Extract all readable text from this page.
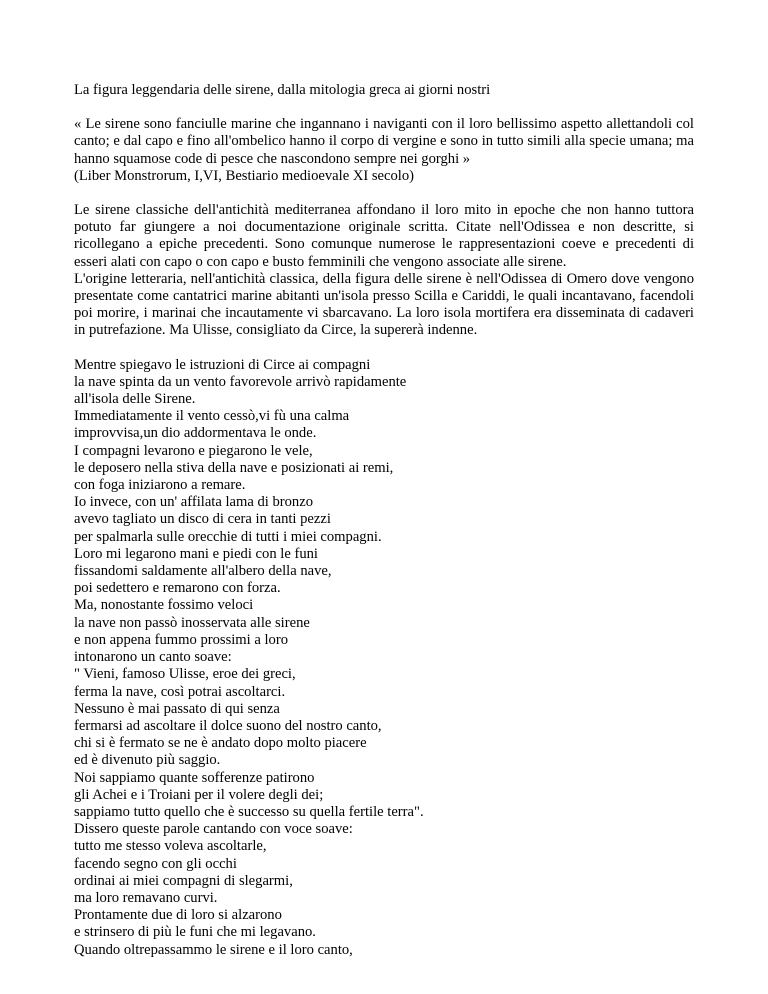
La figura leggendaria delle sirene, dalla mitologia greca ai giorni nostri
« Le sirene sono fanciulle marine che ingannano i naviganti con il loro bellissimo aspetto allettandoli col canto; e dal capo e fino all'ombelico hanno il corpo di vergine e sono in tutto simili alla specie umana; ma hanno squamose code di pesce che nascondono sempre nei gorghi »
(Liber Monstrorum, I,VI, Bestiario medioevale XI secolo)
Le sirene classiche dell'antichità mediterranea affondano il loro mito in epoche che non hanno tuttora potuto far giungere a noi documentazione originale scritta. Citate nell'Odissea e non descritte, si ricollegano a epiche precedenti. Sono comunque numerose le rappresentazioni coeve e precedenti di esseri alati con capo o con capo e busto femminili che vengono associate alle sirene.
L'origine letteraria, nell'antichità classica, della figura delle sirene è nell'Odissea di Omero dove vengono presentate come cantatrici marine abitanti un'isola presso Scilla e Cariddi, le quali incantavano, facendoli poi morire, i marinai che incautamente vi sbarcavano. La loro isola mortifera era disseminata di cadaveri in putrefazione. Ma Ulisse, consigliato da Circe, la supererà indenne.
Mentre spiegavo le istruzioni di Circe ai compagni
la nave spinta da un vento favorevole arrivò rapidamente
all'isola delle Sirene.
Immediatamente il vento cessò,vi fù una calma
improvvisa,un dio addormentava le onde.
I compagni levarono e piegarono le vele,
le deposero nella stiva della nave e posizionati ai remi,
con foga iniziarono a remare.
Io invece, con un' affilata lama di bronzo
avevo tagliato un disco di cera in tanti pezzi
per spalmarla sulle orecchie di tutti i miei compagni.
Loro mi legarono mani e piedi con le funi
fissandomi saldamente all'albero della nave,
poi sedettero e remarono con forza.
Ma, nonostante fossimo veloci
la nave non passò inosservata alle sirene
e non appena fummo prossimi a loro
intonarono un canto soave:
" Vieni, famoso Ulisse, eroe dei greci,
ferma la nave, così potrai ascoltarci.
Nessuno è mai passato di qui senza
fermarsi ad ascoltare il dolce suono del nostro canto,
chi si è fermato se ne è andato dopo molto piacere
ed è divenuto più saggio.
Noi sappiamo quante sofferenze patirono
gli Achei e i Troiani per il volere degli dei;
sappiamo tutto quello che è successo su quella fertile terra".
Dissero queste parole cantando con voce soave:
tutto me stesso voleva ascoltarle,
facendo segno con gli occhi
ordinai ai miei compagni di slegarmi,
ma loro remavano curvi.
Prontamente due di loro si alzarono
e strinsero di più le funi che mi legavano.
Quando oltrepassammo le sirene e il loro canto,
